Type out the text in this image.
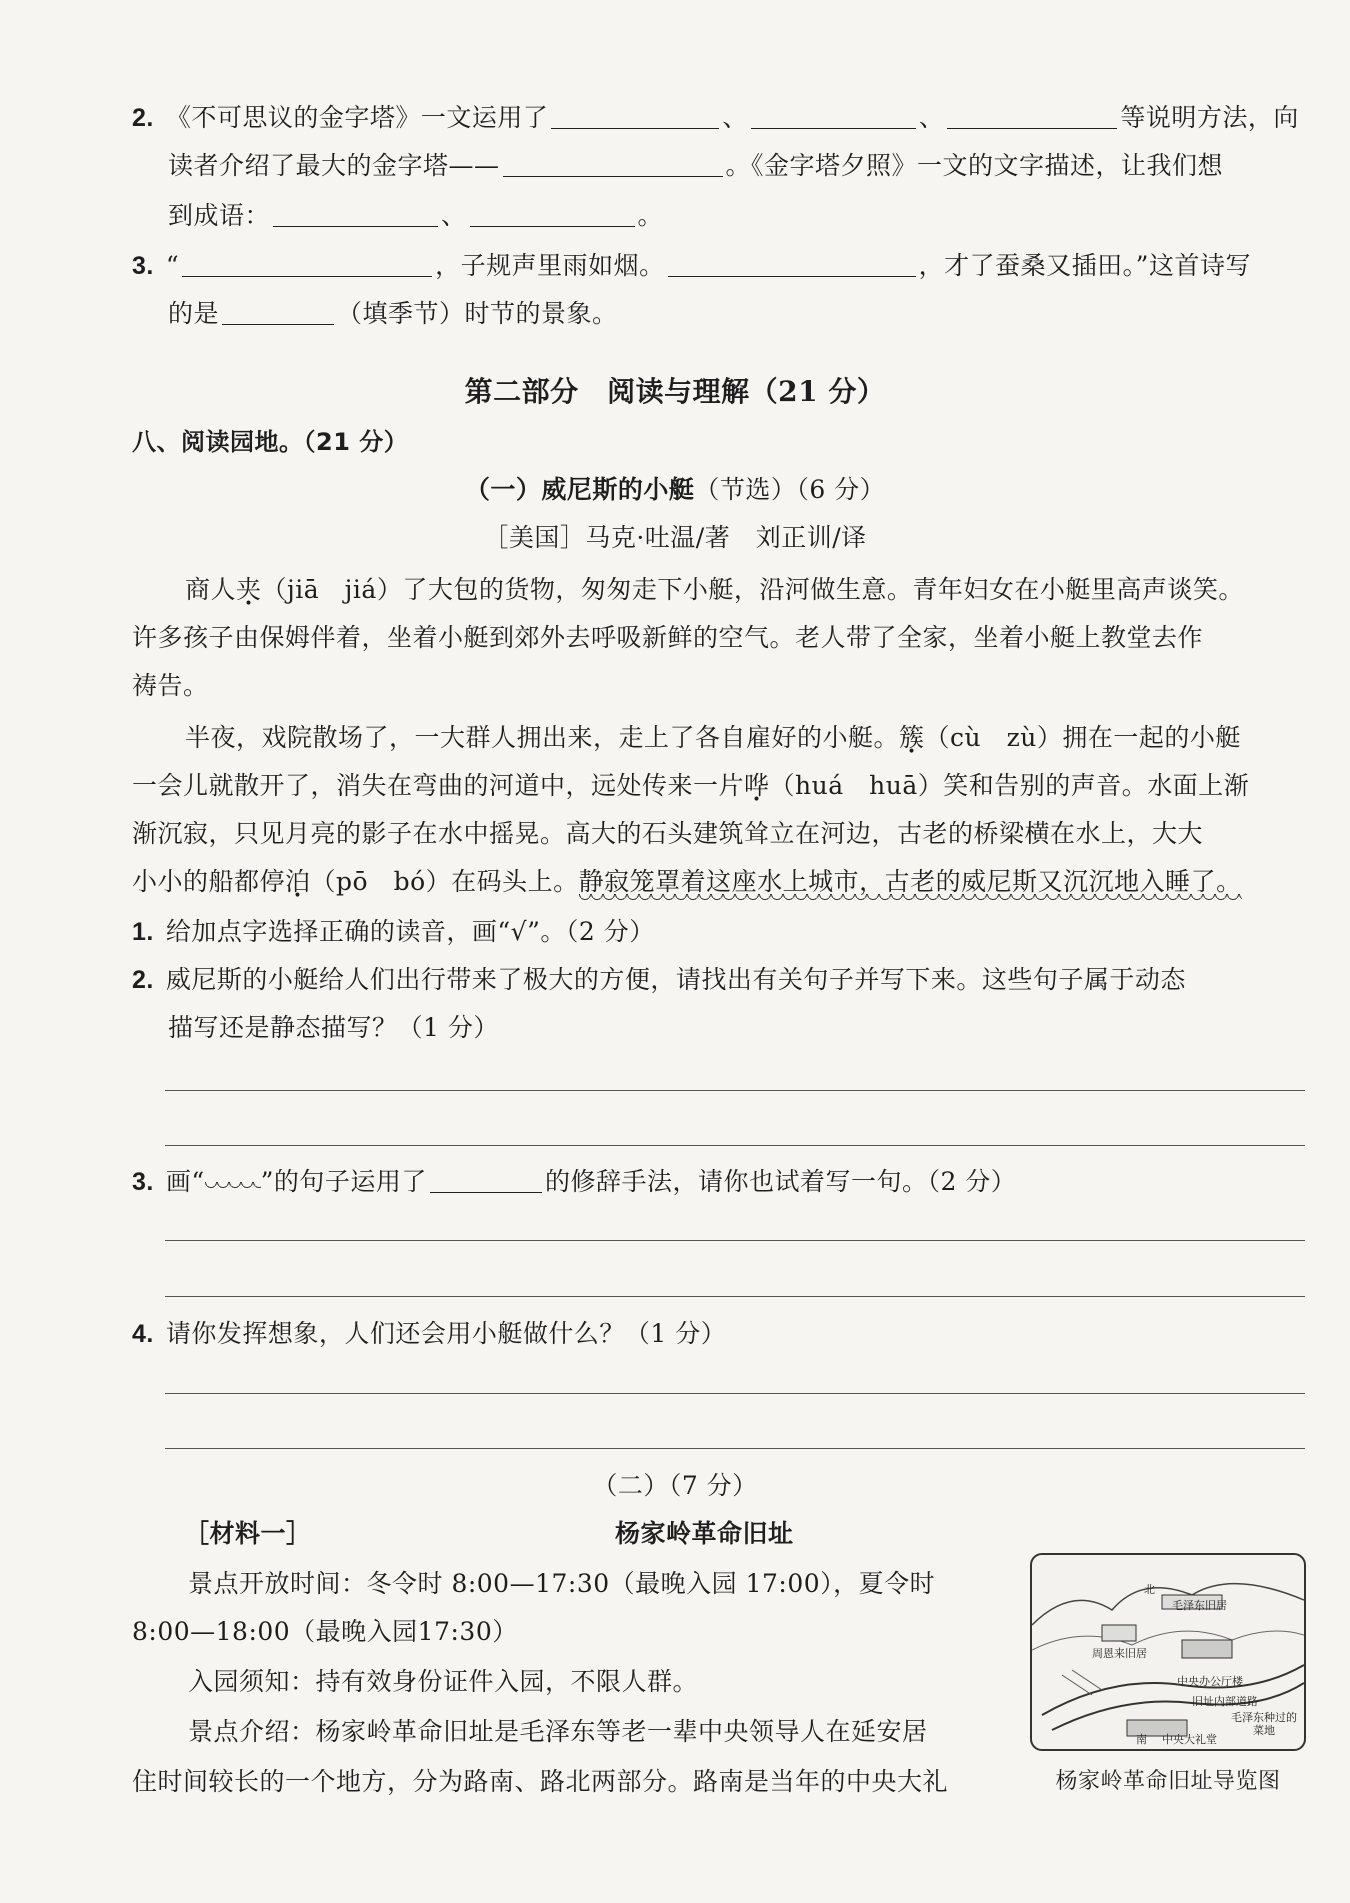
2. 《不可思议的金字塔》一文运用了	、	、	等说明方法，向
读者介绍了最大的金字塔——	。《金字塔夕照》一文的文字描述，让我们想
到成语：	、	。
3. “	，子规声里雨如烟。	，才了蚕桑又插田。”这首诗写
的是	（填季节）时节的景象。
第二部分　阅读与理解（21 分）
八、阅读园地。（21 分）
（一）威尼斯的小艇（节选）（6 分）
［美国］马克·吐温/著　刘正训/译
商人夹（jiā　jiá）了大包的货物，匆匆走下小艇，沿河做生意。青年妇女在小艇里高声谈笑。
许多孩子由保姆伴着，坐着小艇到郊外去呼吸新鲜的空气。老人带了全家，坐着小艇上教堂去作
祷告。
半夜，戏院散场了，一大群人拥出来，走上了各自雇好的小艇。簇（cù　zù）拥在一起的小艇
一会儿就散开了，消失在弯曲的河道中，远处传来一片哗（huá　huā）笑和告别的声音。水面上渐
渐沉寂，只见月亮的影子在水中摇晃。高大的石头建筑耸立在河边，古老的桥梁横在水上，大大
小小的船都停泊（pō　bó）在码头上。静寂笼罩着这座水上城市，古老的威尼斯又沉沉地入睡了。
1. 给加点字选择正确的读音，画“√”。（2 分）
2. 威尼斯的小艇给人们出行带来了极大的方便，请找出有关句子并写下来。这些句子属于动态
描写还是静态描写？（1 分）
3. 画“ ”的句子运用了	的修辞手法，请你也试着写一句。（2 分）
4. 请你发挥想象，人们还会用小艇做什么？（1 分）
（二）（7 分）
［材料一］	杨家岭革命旧址
景点开放时间：冬令时 8:00—17:30（最晚入园 17:00），夏令时
8:00—18:00（最晚入园17:30）
入园须知：持有效身份证件入园，不限人群。
景点介绍：杨家岭革命旧址是毛泽东等老一辈中央领导人在延安居
住时间较长的一个地方，分为路南、路北两部分。路南是当年的中央大礼
北
毛泽东旧居
周恩来旧居
中央办公厅楼
旧址内部道路
毛泽东种过的菜地
南 中央大礼堂
杨家岭革命旧址导览图
